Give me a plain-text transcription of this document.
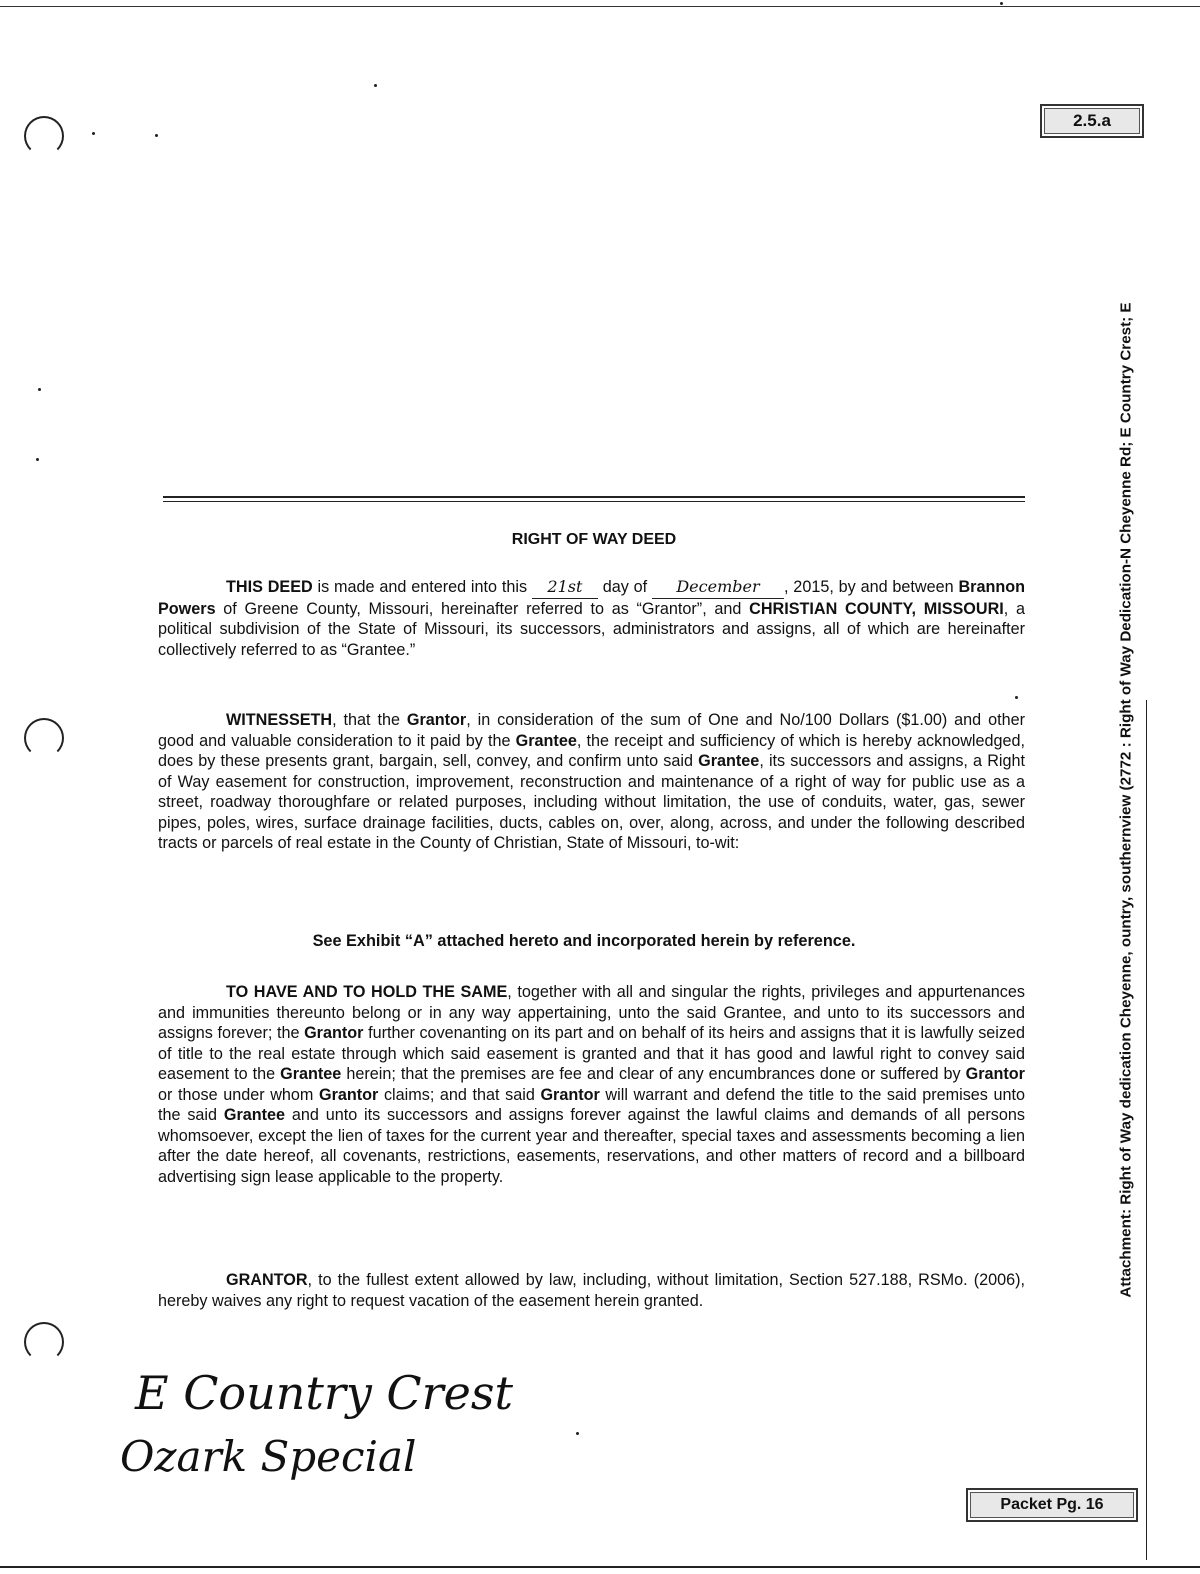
2.5.a
Attachment: Right of Way dedication Cheyenne, ountry, southernview (2772 : Right of Way Dedication-N Cheyenne Rd; E Country Crest; E
RIGHT OF WAY DEED

THIS DEED is made and entered into this 21st day of December , 2015, by and between Brannon Powers of Greene County, Missouri, hereinafter referred to as “Grantor”, and CHRISTIAN COUNTY, MISSOURI, a political subdivision of the State of Missouri, its successors, administrators and assigns, all of which are hereinafter collectively referred to as “Grantee.”

WITNESSETH, that the Grantor, in consideration of the sum of One and No/100 Dollars ($1.00) and other good and valuable consideration to it paid by the Grantee, the receipt and sufficiency of which is hereby acknowledged, does by these presents grant, bargain, sell, convey, and confirm unto said Grantee, its successors and assigns, a Right of Way easement for construction, improvement, reconstruction and maintenance of a right of way for public use as a street, roadway thoroughfare or related purposes, including without limitation, the use of conduits, water, gas, sewer pipes, poles, wires, surface drainage facilities, ducts, cables on, over, along, across, and under the following described tracts or parcels of real estate in the County of Christian, State of Missouri, to-wit:

See Exhibit “A” attached hereto and incorporated herein by reference.

TO HAVE AND TO HOLD THE SAME, together with all and singular the rights, privileges and appurtenances and immunities thereunto belong or in any way appertaining, unto the said Grantee, and unto to its successors and assigns forever; the Grantor further covenanting on its part and on behalf of its heirs and assigns that it is lawfully seized of title to the real estate through which said easement is granted and that it has good and lawful right to convey said easement to the Grantee herein; that the premises are fee and clear of any encumbrances done or suffered by Grantor or those under whom Grantor claims; and that said Grantor will warrant and defend the title to the said premises unto the said Grantee and unto its successors and assigns forever against the lawful claims and demands of all persons whomsoever, except the lien of taxes for the current year and thereafter, special taxes and assessments becoming a lien after the date hereof, all covenants, restrictions, easements, reservations, and other matters of record and a billboard advertising sign lease applicable to the property.

GRANTOR, to the fullest extent allowed by law, including, without limitation, Section 527.188, RSMo. (2006), hereby waives any right to request vacation of the easement herein granted.

E Country Crest
Ozark Special
Packet Pg. 16
